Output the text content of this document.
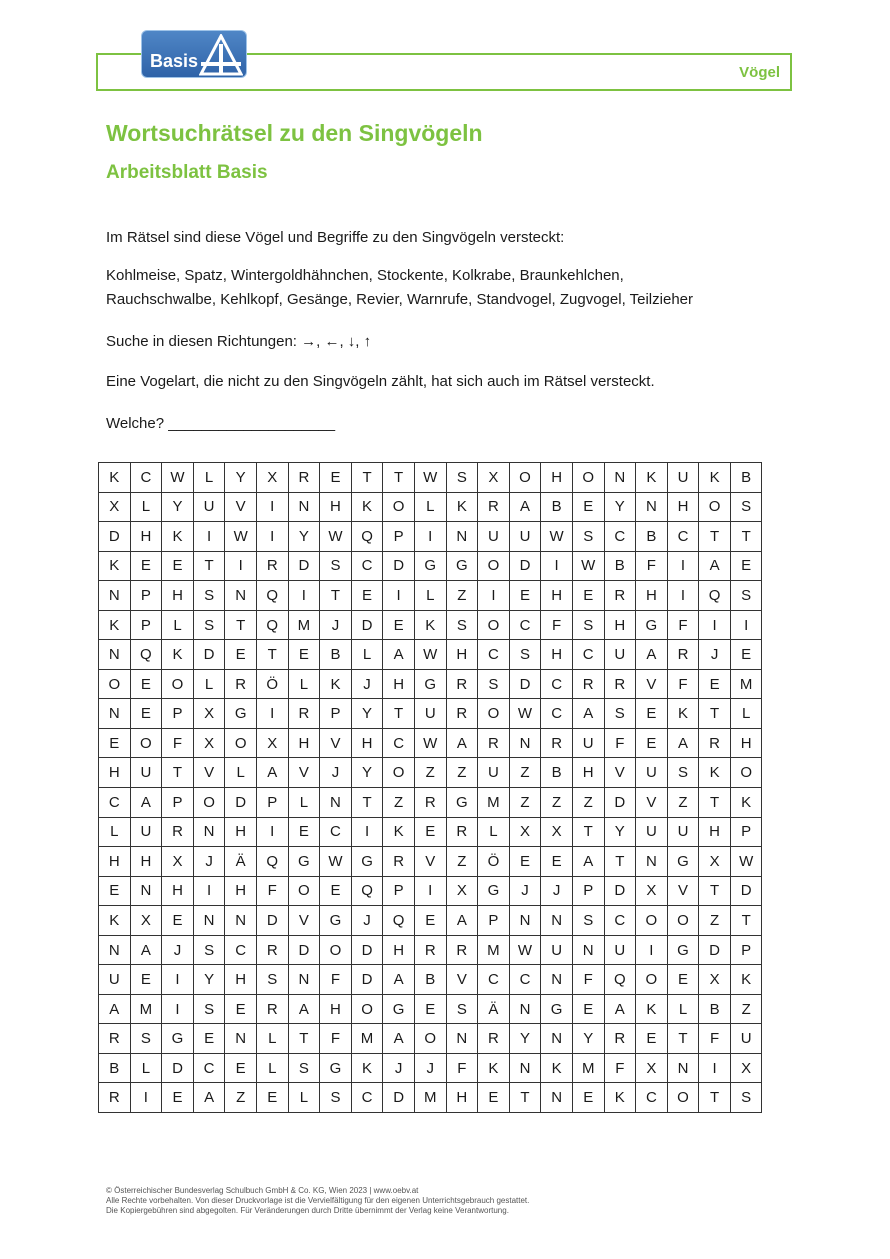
Vögel
Basis
Wortsuchrätsel zu den Singvögeln
Arbeitsblatt Basis

Im Rätsel sind diese Vögel und Begriffe zu den Singvögeln versteckt:

Kohlmeise, Spatz, Wintergoldhähnchen, Stockente, Kolkrabe, Braunkehlchen,
Rauchschwalbe, Kehlkopf, Gesänge, Revier, Warnrufe, Standvogel, Zugvogel, Teilzieher

Suche in diesen Richtungen: →, ←, ↓, ↑

Eine Vogelart, die nicht zu den Singvögeln zählt, hat sich auch im Rätsel versteckt.

Welche? ____________________

K	C	W	L	Y	X	R	E	T	T	W	S	X	O	H	O	N	K	U	K	B
X	L	Y	U	V	I	N	H	K	O	L	K	R	A	B	E	Y	N	H	O	S
D	H	K	I	W	I	Y	W	Q	P	I	N	U	U	W	S	C	B	C	T	T
K	E	E	T	I	R	D	S	C	D	G	G	O	D	I	W	B	F	I	A	E
N	P	H	S	N	Q	I	T	E	I	L	Z	I	E	H	E	R	H	I	Q	S
K	P	L	S	T	Q	M	J	D	E	K	S	O	C	F	S	H	G	F	I	I
N	Q	K	D	E	T	E	B	L	A	W	H	C	S	H	C	U	A	R	J	E
O	E	O	L	R	Ö	L	K	J	H	G	R	S	D	C	R	R	V	F	E	M
N	E	P	X	G	I	R	P	Y	T	U	R	O	W	C	A	S	E	K	T	L
E	O	F	X	O	X	H	V	H	C	W	A	R	N	R	U	F	E	A	R	H
H	U	T	V	L	A	V	J	Y	O	Z	Z	U	Z	B	H	V	U	S	K	O
C	A	P	O	D	P	L	N	T	Z	R	G	M	Z	Z	Z	D	V	Z	T	K
L	U	R	N	H	I	E	C	I	K	E	R	L	X	X	T	Y	U	U	H	P
H	H	X	J	Ä	Q	G	W	G	R	V	Z	Ö	E	E	A	T	N	G	X	W
E	N	H	I	H	F	O	E	Q	P	I	X	G	J	J	P	D	X	V	T	D
K	X	E	N	N	D	V	G	J	Q	E	A	P	N	N	S	C	O	O	Z	T
N	A	J	S	C	R	D	O	D	H	R	R	M	W	U	N	U	I	G	D	P
U	E	I	Y	H	S	N	F	D	A	B	V	C	C	N	F	Q	O	E	X	K
A	M	I	S	E	R	A	H	O	G	E	S	Ä	N	G	E	A	K	L	B	Z
R	S	G	E	N	L	T	F	M	A	O	N	R	Y	N	Y	R	E	T	F	U
B	L	D	C	E	L	S	G	K	J	J	F	K	N	K	M	F	X	N	I	X
R	I	E	A	Z	E	L	S	C	D	M	H	E	T	N	E	K	C	O	T	S
© Österreichischer Bundesverlag Schulbuch GmbH & Co. KG, Wien 2023 | www.oebv.at
Alle Rechte vorbehalten. Von dieser Druckvorlage ist die Vervielfältigung für den eigenen Unterrichtsgebrauch gestattet.
Die Kopiergebühren sind abgegolten. Für Veränderungen durch Dritte übernimmt der Verlag keine Verantwortung.
